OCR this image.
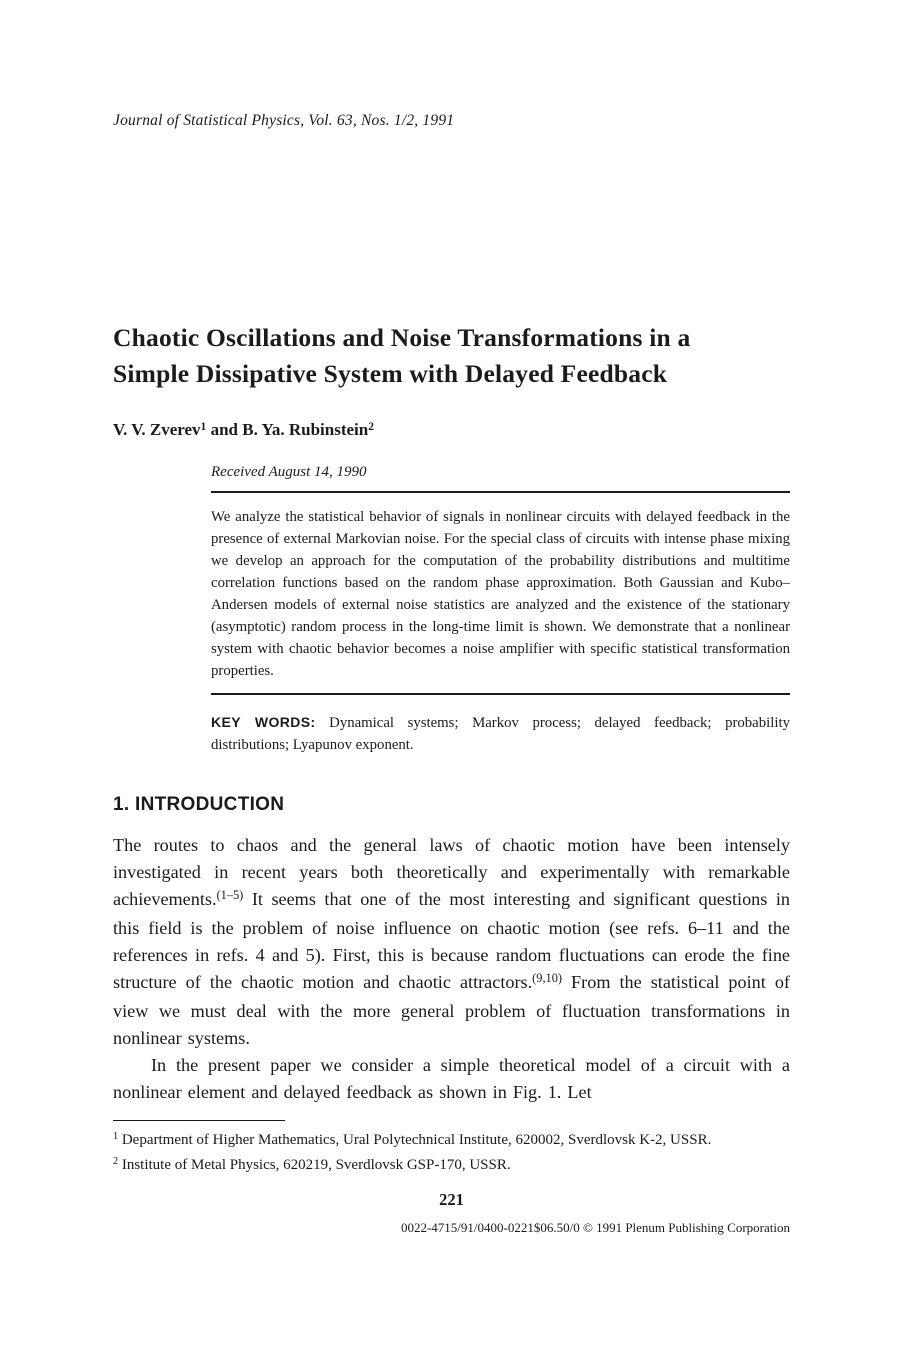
Journal of Statistical Physics, Vol. 63, Nos. 1/2, 1991
Chaotic Oscillations and Noise Transformations in a
Simple Dissipative System with Delayed Feedback
V. V. Zverev$^1$ and B. Ya. Rubinstein$^2$
Received August 14, 1990
We analyze the statistical behavior of signals in nonlinear circuits with delayed feedback in the presence of external Markovian noise. For the special class of circuits with intense phase mixing we develop an approach for the computation of the probability distributions and multitime correlation functions based on the random phase approximation. Both Gaussian and Kubo–Andersen models of external noise statistics are analyzed and the existence of the stationary (asymptotic) random process in the long-time limit is shown. We demonstrate that a nonlinear system with chaotic behavior becomes a noise amplifier with specific statistical transformation properties.

KEY WORDS: Dynamical systems; Markov process; delayed feedback; probability distributions; Lyapunov exponent.

1. INTRODUCTION

The routes to chaos and the general laws of chaotic motion have been intensely investigated in recent years both theoretically and experimentally with remarkable achievements.$^{(1-5)}$ It seems that one of the most interesting and significant questions in this field is the problem of noise influence on chaotic motion (see refs. 6–11 and the references in refs. 4 and 5). First, this is because random fluctuations can erode the fine structure of the chaotic motion and chaotic attractors.$^{(9,10)}$ From the statistical point of view we must deal with the more general problem of fluctuation transformations in nonlinear systems.

In the present paper we consider a simple theoretical model of a circuit with a nonlinear element and delayed feedback as shown in Fig. 1. Let

$^1$ Department of Higher Mathematics, Ural Polytechnical Institute, 620002, Sverdlovsk K-2, USSR.
$^2$ Institute of Metal Physics, 620219, Sverdlovsk GSP-170, USSR.
221
0022-4715/91/0400-0221$06.50/0 © 1991 Plenum Publishing Corporation
